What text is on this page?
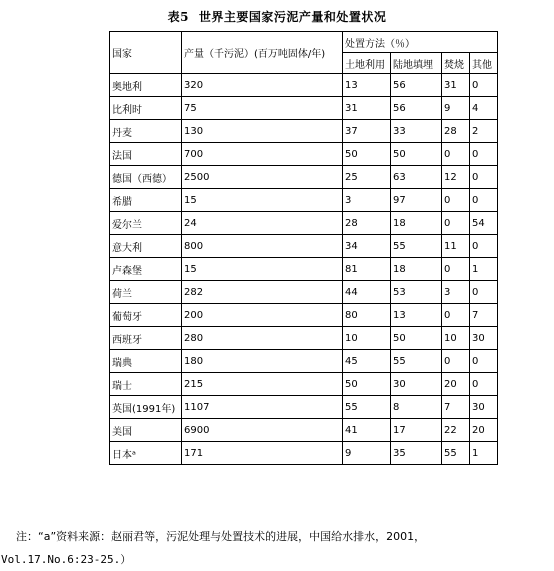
表5 世界主要国家污泥产量和处置状况
国家	产量（千污泥）(百万吨固体/年)	处置方法（％）			
		土地利用	陆地填埋	焚烧	其他
奥地利	320	13	56	31	0
比利时	75	31	56	9	4
丹麦	130	37	33	28	2
法国	700	50	50	0	0
德国（西德）	2500	25	63	12	0
希腊	15	3	97	0	0
爱尔兰	24	28	18	0	54
意大利	800	34	55	11	0
卢森堡	15	81	18	0	1
荷兰	282	44	53	3	0
葡萄牙	200	80	13	0	7
西班牙	280	10	50	10	30
瑞典	180	45	55	0	0
瑞士	215	50	30	20	0
英国(1991年)	1107	55	8	7	30
美国	6900	41	17	22	20
日本ᵃ	171	9	35	55	1
注：“a”资料来源：赵丽君等，污泥处理与处置技术的进展，中国给水排水，2001，
Vol.17.No.6:23-25.）
